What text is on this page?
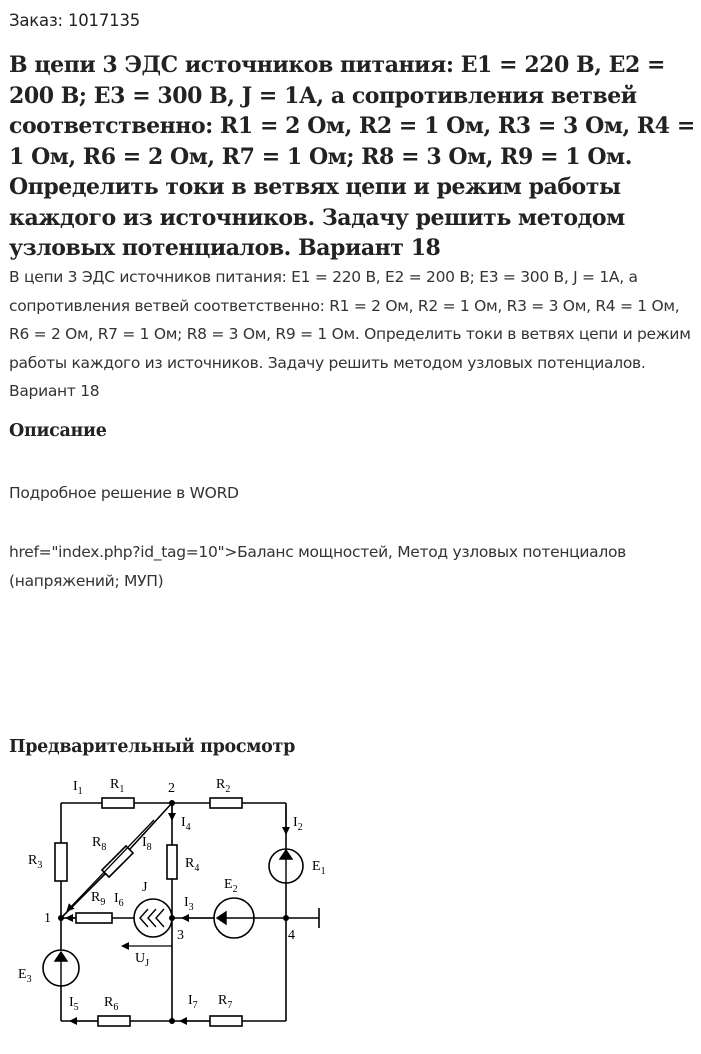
Заказ: 1017135
В цепи 3 ЭДС источников питания: E1 = 220 В, E2 = 200 В; E3 = 300 В, J = 1А, а сопротивления ветвей соответственно: R1 = 2 Ом, R2 = 1 Ом, R3 = 3 Ом, R4 = 1 Ом, R6 = 2 Ом, R7 = 1 Ом; R8 = 3 Ом, R9 = 1 Ом. Определить токи в ветвях цепи и режим работы каждого из источников. Задачу решить методом узловых потенциалов. Вариант 18

В цепи 3 ЭДС источников питания: E1 = 220 В, E2 = 200 В; E3 = 300 В, J = 1А, а сопротивления ветвей соответственно: R1 = 2 Ом, R2 = 1 Ом, R3 = 3 Ом, R4 = 1 Ом, R6 = 2 Ом, R7 = 1 Ом; R8 = 3 Ом, R9 = 1 Ом. Определить токи в ветвях цепи и режим работы каждого из источников. Задачу решить методом узловых потенциалов. Вариант 18

Описание

Подробное решение в WORD

href="index.php?id_tag=10">Баланс мощностей, Метод узловых потенциалов (напряжений; МУП)

Предварительный просмотр
$I_1$ $R_1$	2	$R_2$
$I_2$
$I_4$
$R_3$
$R_8$	$I_8$
$R_4$	$E_1$
$E_2$
J
$R_9$ $I_6$	$I_3$
1
3	4
$U_J$
$E_3$
$I_5$ $R_6$	$I_7$ $R_7$
